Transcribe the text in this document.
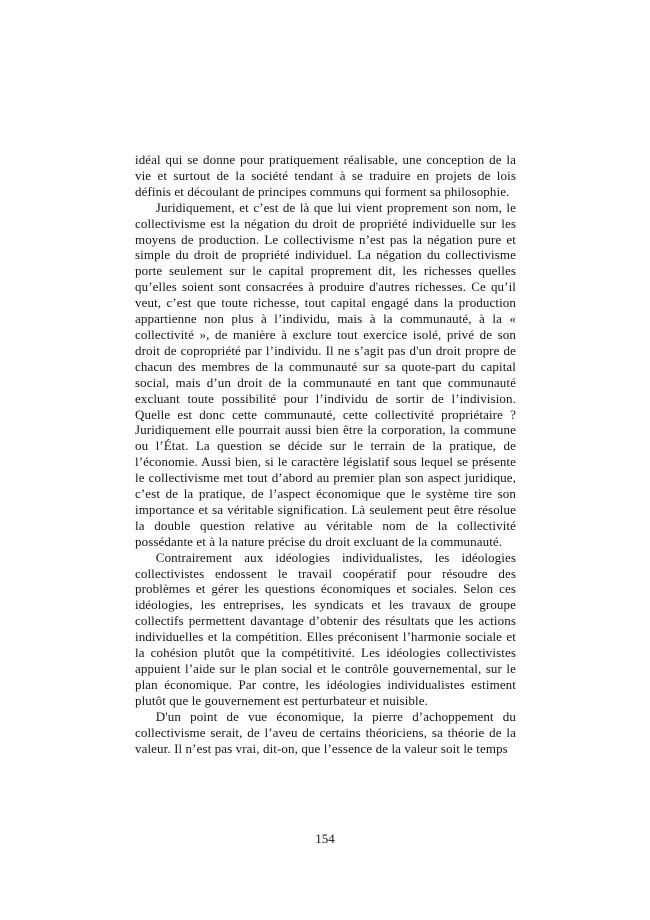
idéal qui se donne pour pratiquement réalisable, une conception de la vie et surtout de la société tendant à se traduire en projets de lois définis et découlant de principes communs qui forment sa philosophie.

Juridiquement, et c’est de là que lui vient proprement son nom, le collectivisme est la négation du droit de propriété individuelle sur les moyens de production. Le collectivisme n’est pas la négation pure et simple du droit de propriété individuel. La négation du collectivisme porte seulement sur le capital proprement dit, les richesses quelles qu’elles soient sont consacrées à produire d'autres richesses. Ce qu’il veut, c’est que toute richesse, tout capital engagé dans la production appartienne non plus à l’individu, mais à la communauté, à la « collectivité », de manière à exclure tout exercice isolé, privé de son droit de copropriété par l’individu. Il ne s’agit pas d'un droit propre de chacun des membres de la communauté sur sa quote-part du capital social, mais d’un droit de la communauté en tant que communauté excluant toute possibilité pour l’individu de sortir de l’indivision. Quelle est donc cette communauté, cette collectivité propriétaire ? Juridiquement elle pourrait aussi bien être la corporation, la commune ou l’État. La question se décide sur le terrain de la pratique, de l’économie. Aussi bien, si le caractère législatif sous lequel se présente le collectivisme met tout d’abord au premier plan son aspect juridique, c’est de la pratique, de l’aspect économique que le système tire son importance et sa véritable signification. Là seulement peut être résolue la double question relative au véritable nom de la collectivité possédante et à la nature précise du droit excluant de la communauté.

Contrairement aux idéologies individualistes, les idéologies collectivistes endossent le travail coopératif pour résoudre des problèmes et gérer les questions économiques et sociales. Selon ces idéologies, les entreprises, les syndicats et les travaux de groupe collectifs permettent davantage d’obtenir des résultats que les actions individuelles et la compétition. Elles préconisent l’harmonie sociale et la cohésion plutôt que la compétitivité. Les idéologies collectivistes appuient l’aide sur le plan social et le contrôle gouvernemental, sur le plan économique. Par contre, les idéologies individualistes estiment plutôt que le gouvernement est perturbateur et nuisible.

D'un point de vue économique, la pierre d’achoppement du collectivisme serait, de l’aveu de certains théoriciens, sa théorie de la valeur. Il n’est pas vrai, dit-on, que l’essence de la valeur soit le temps

154
